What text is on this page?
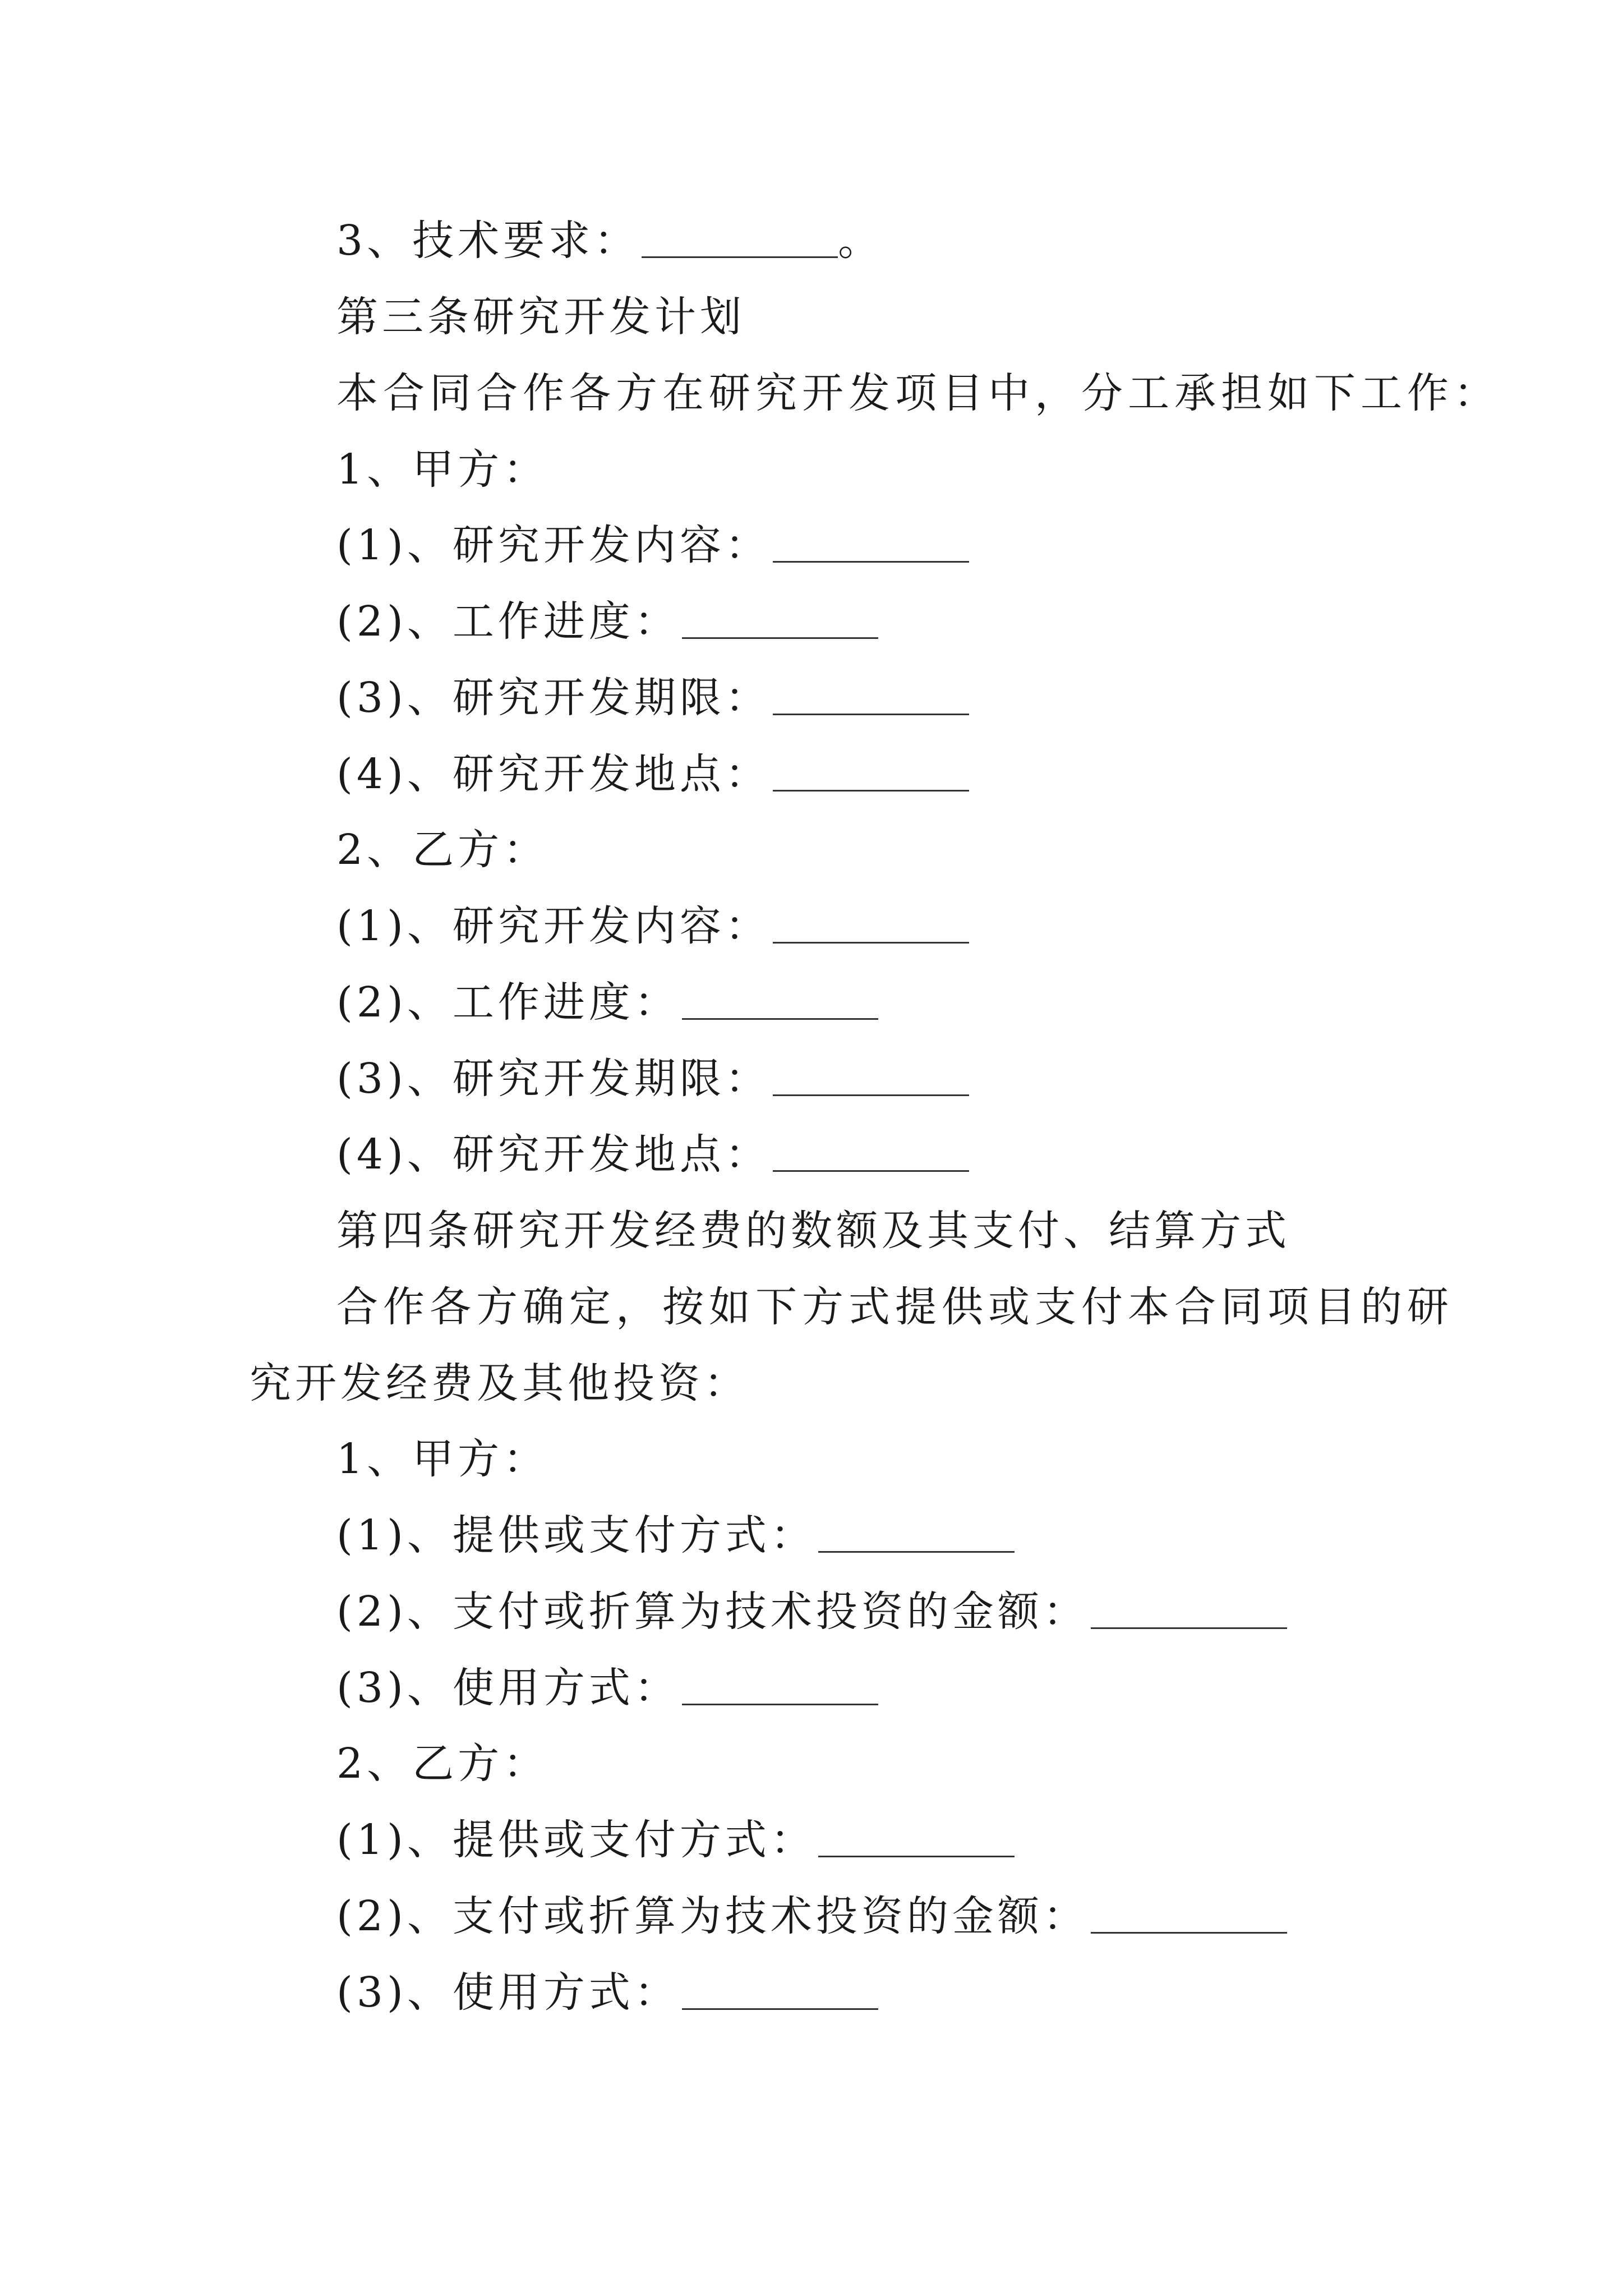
3、技术要求：	。
第三条研究开发计划
本合同合作各方在研究开发项目中，分工承担如下工作：
1、甲方：
(1)、研究开发内容：
(2)、工作进度：
(3)、研究开发期限：
(4)、研究开发地点：
2、乙方：
(1)、研究开发内容：
(2)、工作进度：
(3)、研究开发期限：
(4)、研究开发地点：
第四条研究开发经费的数额及其支付、结算方式
合作各方确定，按如下方式提供或支付本合同项目的研
究开发经费及其他投资：
1、甲方：
(1)、提供或支付方式：
(2)、支付或折算为技术投资的金额：
(3)、使用方式：
2、乙方：
(1)、提供或支付方式：
(2)、支付或折算为技术投资的金额：
(3)、使用方式：
